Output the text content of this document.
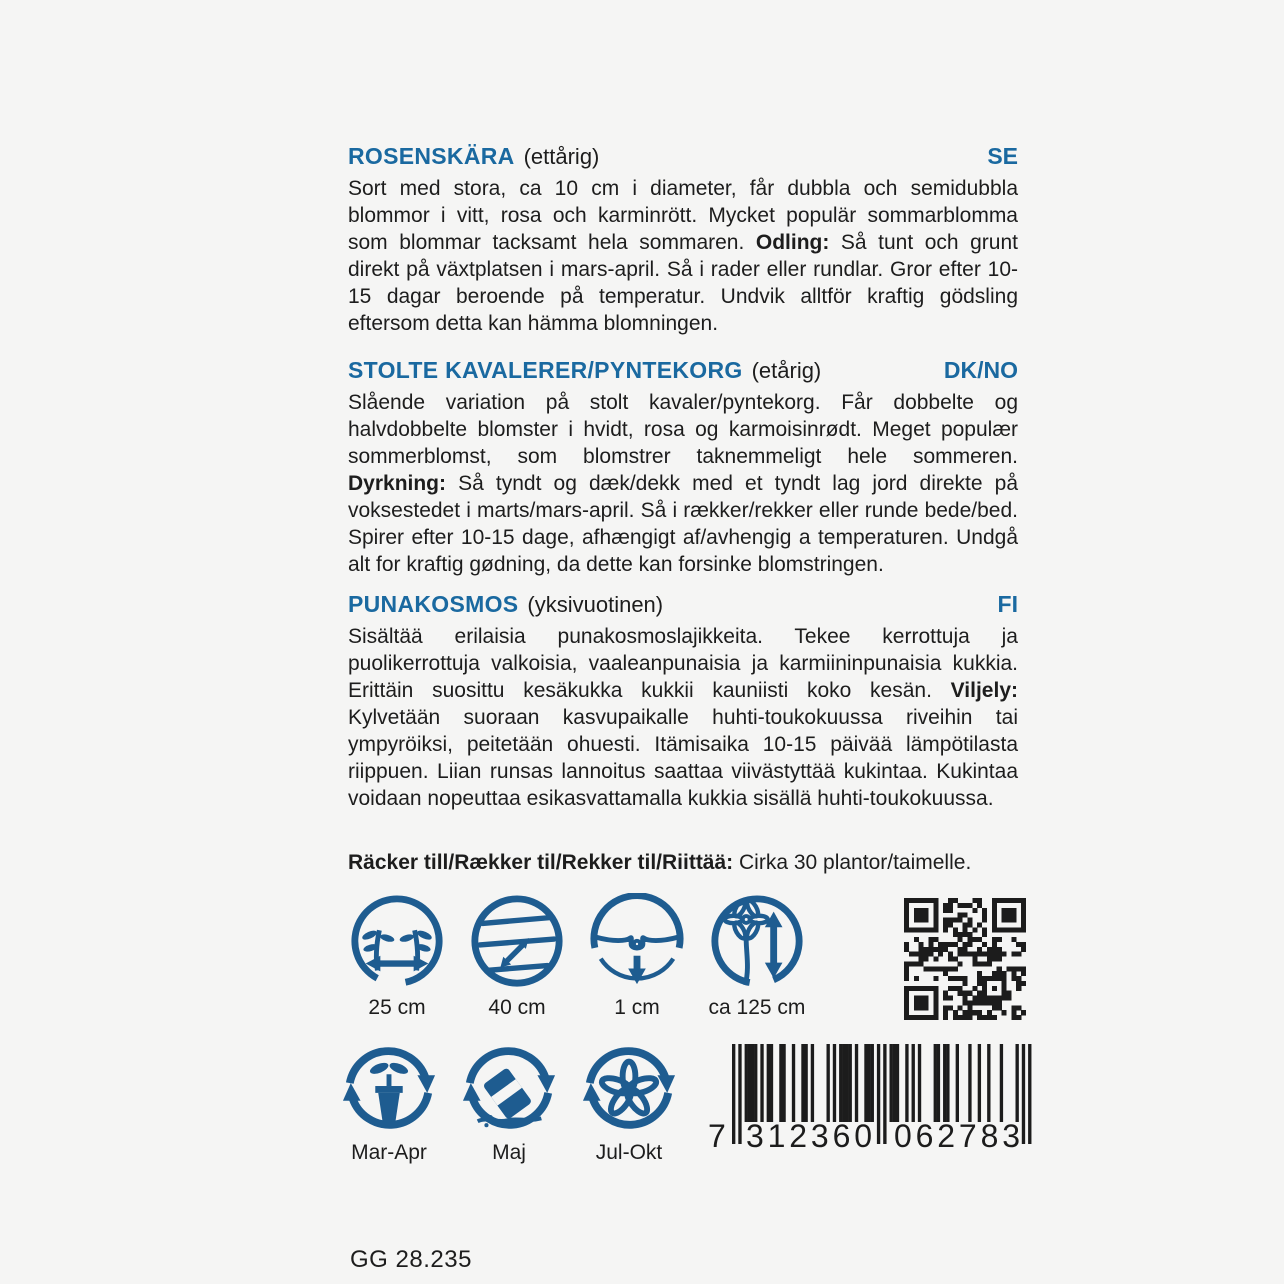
ROSENSKÄRA (ettårig)	SE

Sort med stora, ca 10 cm i diameter, får dubbla och semidubbla blommor i vitt, rosa och karminrött. Mycket populär sommarblomma som blommar tacksamt hela sommaren. Odling: Så tunt och grunt direkt på växtplatsen i mars-april. Så i rader eller rundlar. Gror efter 10-15 dagar beroende på temperatur. Undvik alltför kraftig gödsling eftersom detta kan hämma blomningen.

STOLTE KAVALERER/PYNTEKORG (etårig)	DK/NO

Slående variation på stolt kavaler/pyntekorg. Får dobbelte og halvdobbelte blomster i hvidt, rosa og karmoisinrødt. Meget populær sommerblomst, som blomstrer taknemmeligt hele sommeren. Dyrkning: Så tyndt og dæk/dekk med et tyndt lag jord direkte på voksestedet i marts/mars-april. Så i rækker/rekker eller runde bede/bed. Spirer efter 10-15 dage, afhængigt af/avhengig a temperaturen. Undgå alt for kraftig gødning, da dette kan forsinke blomstringen.

PUNAKOSMOS (yksivuotinen)	FI

Sisältää erilaisia punakosmoslajikkeita. Tekee kerrottuja ja puolikerrottuja valkoisia, vaaleanpunaisia ja karmiininpunaisia kukkia. Erittäin suosittu kesäkukka kukkii kauniisti koko kesän. Viljely: Kylvetään suoraan kasvupaikalle huhti-toukokuussa riveihin tai ympyröiksi, peitetään ohuesti. Itämisaika 10-15 päivää lämpötilasta riippuen. Liian runsas lannoitus saattaa viivästyttää kukintaa. Kukintaa voidaan nopeuttaa esikasvattamalla kukkia sisällä huhti-toukokuussa.

Räcker till/Rækker til/Rekker til/Riittää: Cirka 30 plantor/taimelle.

25 cm	40 cm	1 cm ca 125 cm
Mar-Apr	Maj	Jul-Okt 7 3 1 2 3 6 0 0 6 2 7 8 3
GG 28.235
